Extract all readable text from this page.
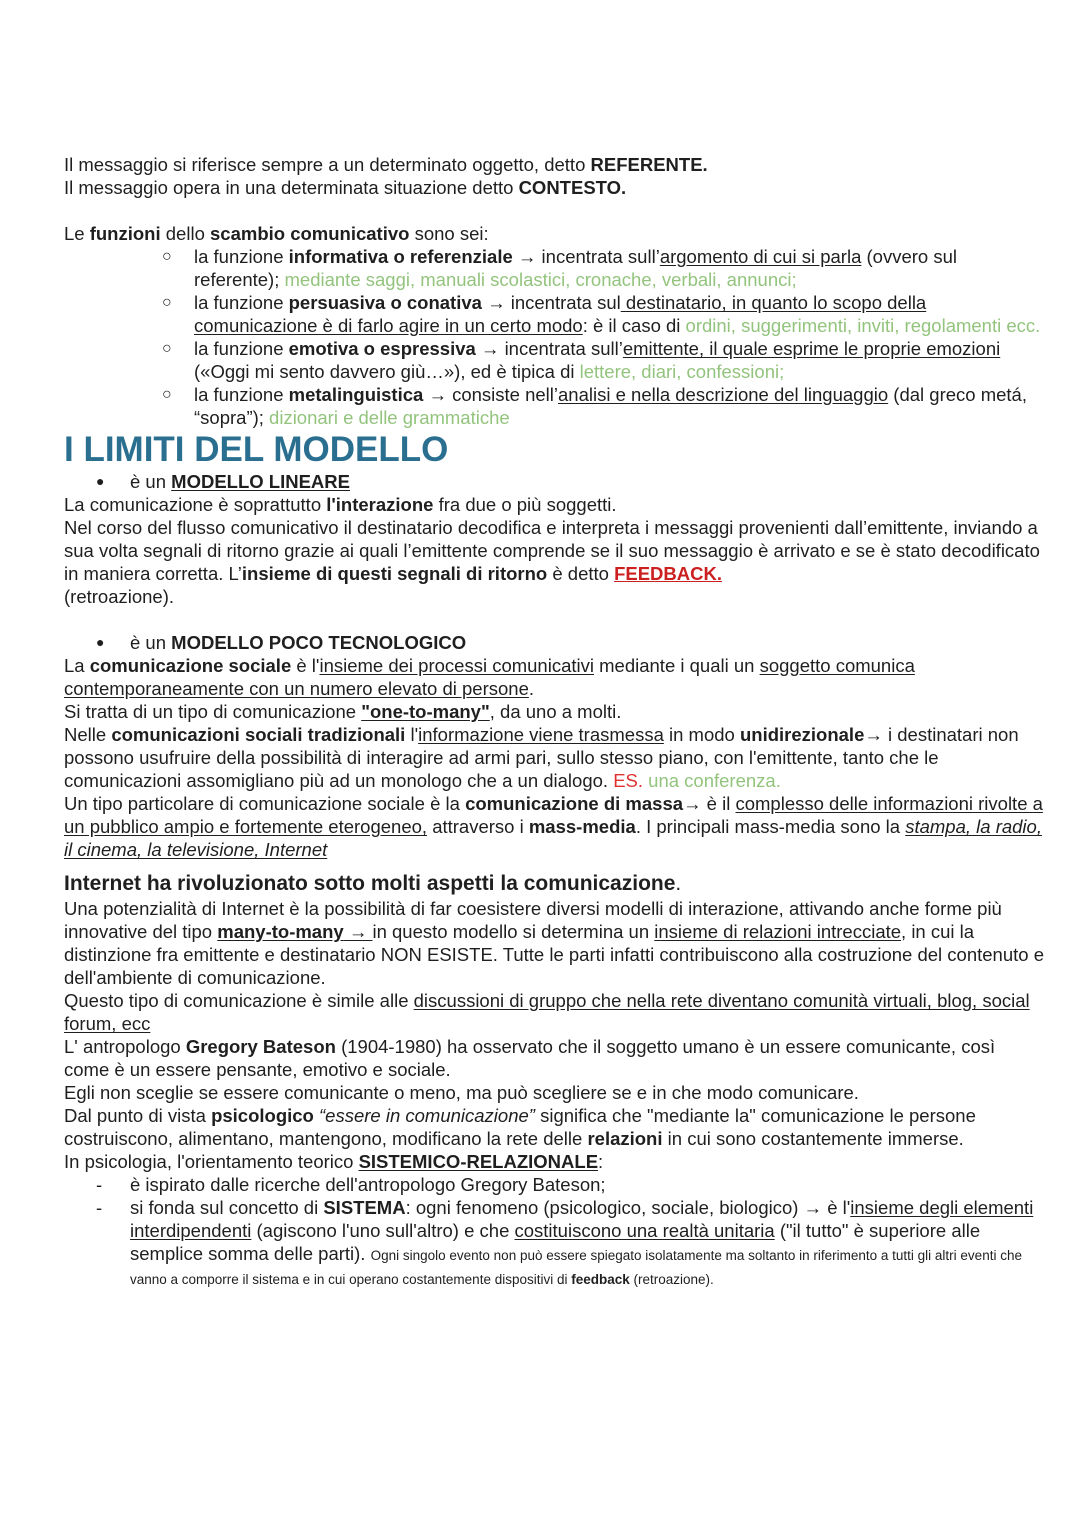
Il messaggio si riferisce sempre a un determinato oggetto, detto REFERENTE.

Il messaggio opera in una determinata situazione detto CONTESTO.

Le funzioni dello scambio comunicativo sono sei:

○ la funzione informativa o referenziale → incentrata sull’argomento di cui si parla (ovvero sul referente); mediante saggi, manuali scolastici, cronache, verbali, annunci;
○ la funzione persuasiva o conativa → incentrata sul destinatario, in quanto lo scopo della comunicazione è di farlo agire in un certo modo: è il caso di ordini, suggerimenti, inviti, regolamenti ecc.
○ la funzione emotiva o espressiva → incentrata sull’emittente, il quale esprime le proprie emozioni («Oggi mi sento davvero giù…»), ed è tipica di lettere, diari, confessioni;
○ la funzione metalinguistica → consiste nell’analisi e nella descrizione del linguaggio (dal greco metá, “sopra”); dizionari e delle grammatiche

I LIMITI DEL MODELLO

● è un MODELLO LINEARE

La comunicazione è soprattutto l'interazione fra due o più soggetti.

Nel corso del flusso comunicativo il destinatario decodifica e interpreta i messaggi provenienti dall’emittente, inviando a sua volta segnali di ritorno grazie ai quali l’emittente comprende se il suo messaggio è arrivato e se è stato decodificato in maniera corretta. L’insieme di questi segnali di ritorno è detto FEEDBACK.
(retroazione).

● è un MODELLO POCO TECNOLOGICO

La comunicazione sociale è l'insieme dei processi comunicativi mediante i quali un soggetto comunica contemporaneamente con un numero elevato di persone.

Si tratta di un tipo di comunicazione "one-to-many", da uno a molti.

Nelle comunicazioni sociali tradizionali l'informazione viene trasmessa in modo unidirezionale→ i destinatari non possono usufruire della possibilità di interagire ad armi pari, sullo stesso piano, con l'emittente, tanto che le comunicazioni assomigliano più ad un monologo che a un dialogo. ES. una conferenza.

Un tipo particolare di comunicazione sociale è la comunicazione di massa→ è il complesso delle informazioni rivolte a un pubblico ampio e fortemente eterogeneo, attraverso i mass-media. I principali mass-media sono la stampa, la radio, il cinema, la televisione, Internet

Internet ha rivoluzionato sotto molti aspetti la comunicazione.

Una potenzialità di Internet è la possibilità di far coesistere diversi modelli di interazione, attivando anche forme più innovative del tipo many-to-many → in questo modello si determina un insieme di relazioni intrecciate, in cui la distinzione fra emittente e destinatario NON ESISTE. Tutte le parti infatti contribuiscono alla costruzione del contenuto e dell'ambiente di comunicazione.

Questo tipo di comunicazione è simile alle discussioni di gruppo che nella rete diventano comunità virtuali, blog, social forum, ecc

L' antropologo Gregory Bateson (1904-1980) ha osservato che il soggetto umano è un essere comunicante, così come è un essere pensante, emotivo e sociale.

Egli non sceglie se essere comunicante o meno, ma può scegliere se e in che modo comunicare.

Dal punto di vista psicologico “essere in comunicazione” significa che "mediante la" comunicazione le persone costruiscono, alimentano, mantengono, modificano la rete delle relazioni in cui sono costantemente immerse.

In psicologia, l'orientamento teorico SISTEMICO-RELAZIONALE:

- è ispirato dalle ricerche dell'antropologo Gregory Bateson;
- si fonda sul concetto di SISTEMA: ogni fenomeno (psicologico, sociale, biologico) → è l'insieme degli elementi interdipendenti (agiscono l'uno sull'altro) e che costituiscono una realtà unitaria ("il tutto" è superiore alle semplice somma delle parti). Ogni singolo evento non può essere spiegato isolatamente ma soltanto in riferimento a tutti gli altri eventi che vanno a comporre il sistema e in cui operano costantemente dispositivi di feedback (retroazione).
